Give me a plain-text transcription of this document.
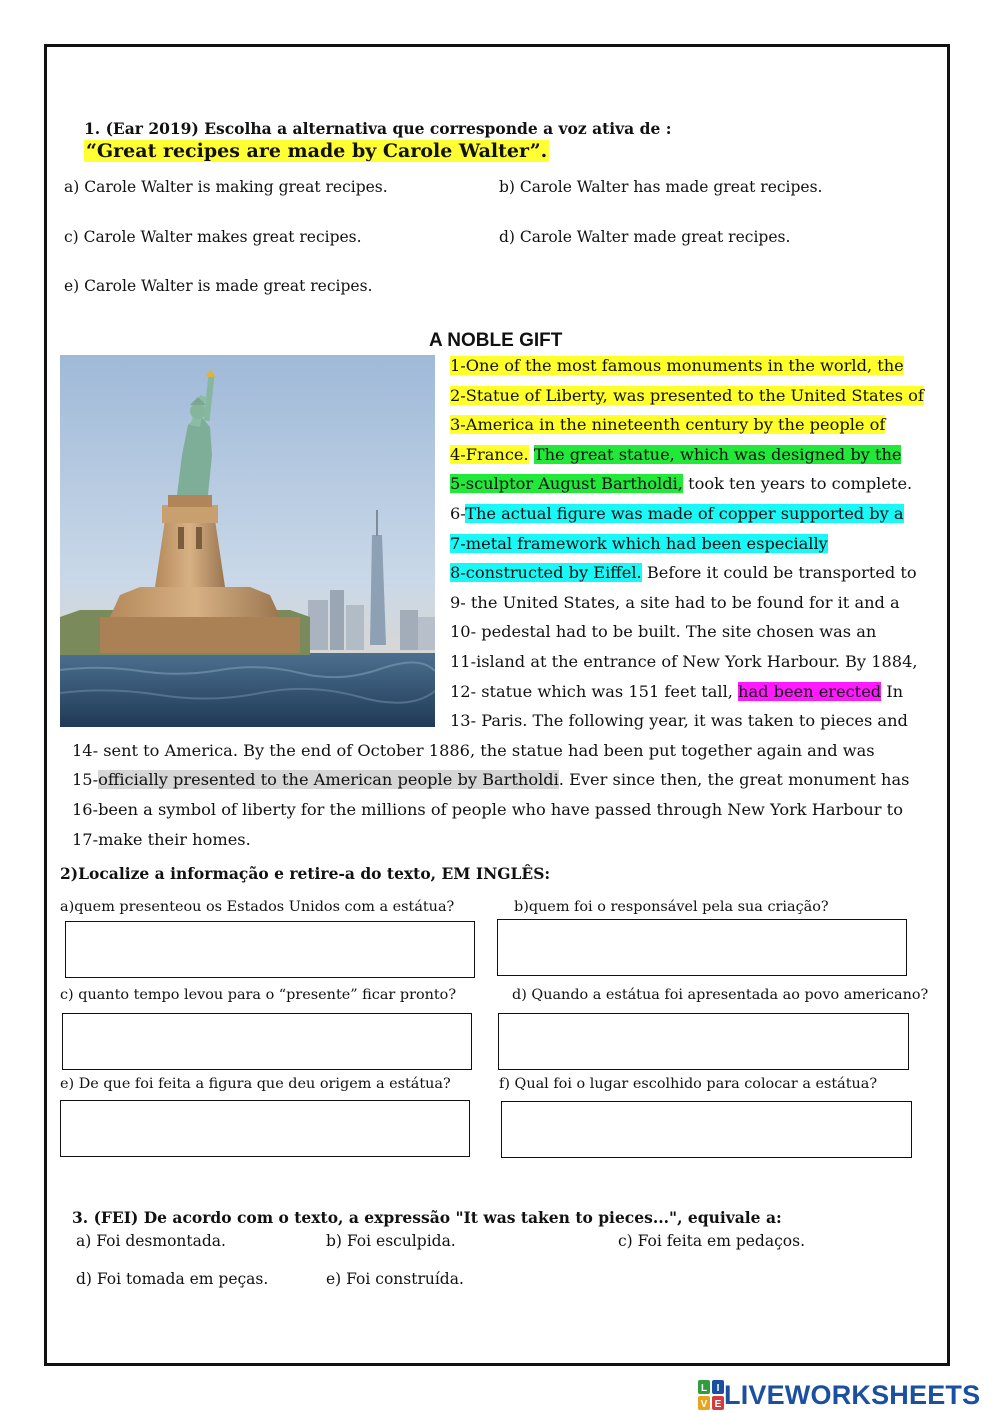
1. (Ear 2019) Escolha a alternativa que corresponde a voz ativa de :
“Great recipes are made by Carole Walter”.
a) Carole Walter is making great recipes.	b) Carole Walter has made great recipes.
c) Carole Walter makes great recipes.	d) Carole Walter made great recipes.
e) Carole Walter is made great recipes.
A NOBLE GIFT
1-One of the most famous monuments in the world, the
2-Statue of Liberty, was presented to the United States of
3-America in the nineteenth century by the people of
4-France. The great statue, which was designed by the
5-sculptor August Bartholdi, took ten years to complete.
6-The actual figure was made of copper supported by a
7-metal framework which had been especially
8-constructed by Eiffel. Before it could be transported to
9- the United States, a site had to be found for it and a
10- pedestal had to be built. The site chosen was an
11-island at the entrance of New York Harbour. By 1884,
12- statue which was 151 feet tall, had been erected In
13- Paris. The following year, it was taken to pieces and
14- sent to America. By the end of October 1886, the statue had been put together again and was
15-officially presented to the American people by Bartholdi. Ever since then, the great monument has
16-been a symbol of liberty for the millions of people who have passed through New York Harbour to
17-make their homes.
2)Localize a informação e retire-a do texto, EM INGLÊS:
a)quem presenteou os Estados Unidos com a estátua?	b)quem foi o responsável pela sua criação?
c) quanto tempo levou para o “presente” ficar pronto?	d) Quando a estátua foi apresentada ao povo americano?
e) De que foi feita a figura que deu origem a estátua?	f) Qual foi o lugar escolhido para colocar a estátua?
3. (FEI) De acordo com o texto, a expressão "It was taken to pieces...", equivale a:
a) Foi desmontada.	b) Foi esculpida.	c) Foi feita em pedaços.
d) Foi tomada em peças.	e) Foi construída.
L I
V E LIVEWORKSHEETS
